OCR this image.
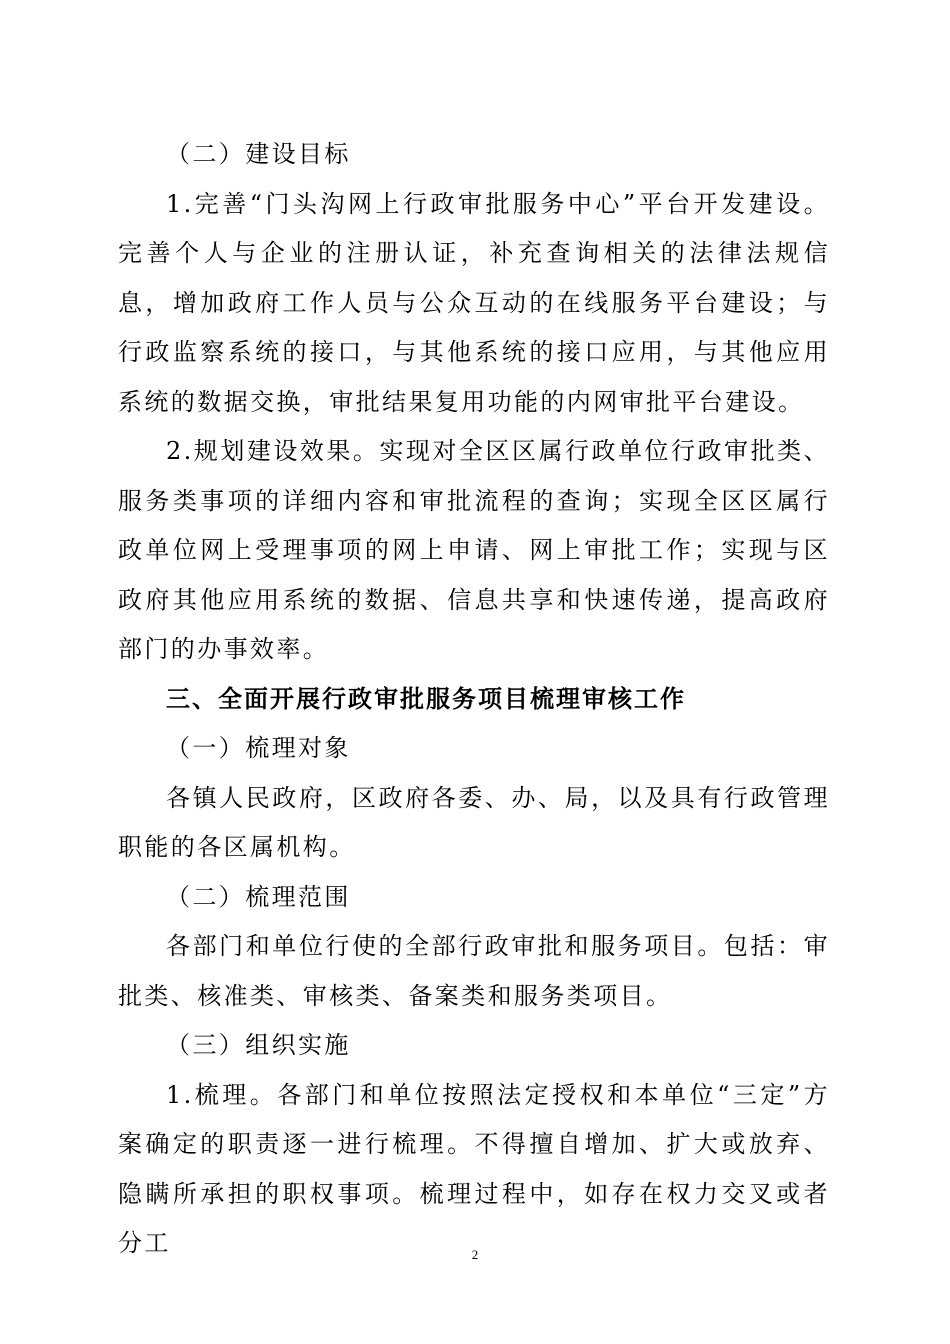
（二）建设目标

1.完善“门头沟网上行政审批服务中心”平台开发建设。完善个人与企业的注册认证，补充查询相关的法律法规信息，增加政府工作人员与公众互动的在线服务平台建设；与行政监察系统的接口，与其他系统的接口应用，与其他应用系统的数据交换，审批结果复用功能的内网审批平台建设。

2.规划建设效果。实现对全区区属行政单位行政审批类、服务类事项的详细内容和审批流程的查询；实现全区区属行政单位网上受理事项的网上申请、网上审批工作；实现与区政府其他应用系统的数据、信息共享和快速传递，提高政府部门的办事效率。

三、全面开展行政审批服务项目梳理审核工作

（一）梳理对象

各镇人民政府，区政府各委、办、局，以及具有行政管理职能的各区属机构。

（二）梳理范围

各部门和单位行使的全部行政审批和服务项目。包括：审批类、核准类、审核类、备案类和服务类项目。

（三）组织实施

1.梳理。各部门和单位按照法定授权和本单位“三定”方案确定的职责逐一进行梳理。不得擅自增加、扩大或放弃、隐瞒所承担的职权事项。梳理过程中，如存在权力交叉或者分工	2
